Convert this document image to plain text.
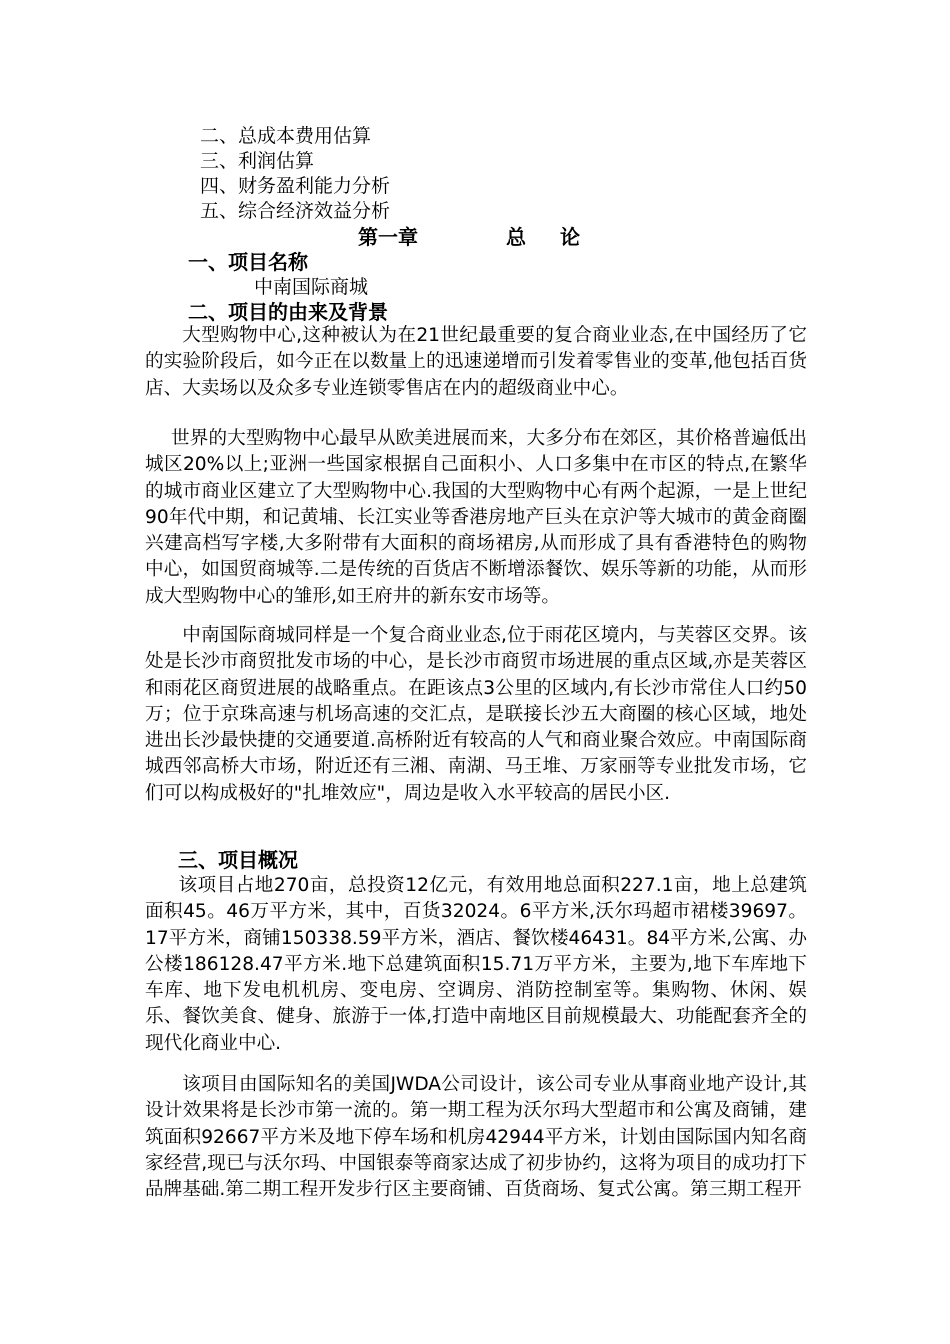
二、总成本费用估算
三、利润估算
四、财务盈利能力分析
五、综合经济效益分析
第一章	总 论
一、项目名称
中南国际商城
二、项目的由来及背景

大型购物中心,这种被认为在21世纪最重要的复合商业业态,在中国经历了它的实验阶段后，如今正在以数量上的迅速递增而引发着零售业的变革,他包括百货店、大卖场以及众多专业连锁零售店在内的超级商业中心。

世界的大型购物中心最早从欧美进展而来，大多分布在郊区，其价格普遍低出城区20%以上;亚洲一些国家根据自己面积小、人口多集中在市区的特点,在繁华的城市商业区建立了大型购物中心.我国的大型购物中心有两个起源，一是上世纪90年代中期，和记黄埔、长江实业等香港房地产巨头在京沪等大城市的黄金商圈兴建高档写字楼,大多附带有大面积的商场裙房,从而形成了具有香港特色的购物中心，如国贸商城等.二是传统的百货店不断增添餐饮、娱乐等新的功能，从而形成大型购物中心的雏形,如王府井的新东安市场等。

中南国际商城同样是一个复合商业业态,位于雨花区境内，与芙蓉区交界。该处是长沙市商贸批发市场的中心，是长沙市商贸市场进展的重点区域,亦是芙蓉区和雨花区商贸进展的战略重点。在距该点3公里的区域内,有长沙市常住人口约50万；位于京珠高速与机场高速的交汇点，是联接长沙五大商圈的核心区域，地处进出长沙最快捷的交通要道.高桥附近有较高的人气和商业聚合效应。中南国际商城西邻高桥大市场，附近还有三湘、南湖、马王堆、万家丽等专业批发市场，它们可以构成极好的"扎堆效应"，周边是收入水平较高的居民小区.

三、项目概况

该项目占地270亩，总投资12亿元，有效用地总面积227.1亩，地上总建筑面积45。46万平方米，其中，百货32024。6平方米,沃尔玛超市裙楼39697。17平方米，商铺150338.59平方米，酒店、餐饮楼46431。84平方米,公寓、办公楼186128.47平方米.地下总建筑面积15.71万平方米，主要为,地下车库地下车库、地下发电机机房、变电房、空调房、消防控制室等。集购物、休闲、娱乐、餐饮美食、健身、旅游于一体,打造中南地区目前规模最大、功能配套齐全的现代化商业中心.

该项目由国际知名的美国JWDA公司设计，该公司专业从事商业地产设计,其设计效果将是长沙市第一流的。第一期工程为沃尔玛大型超市和公寓及商铺，建筑面积92667平方米及地下停车场和机房42944平方米，计划由国际国内知名商家经营,现已与沃尔玛、中国银泰等商家达成了初步协约，这将为项目的成功打下品牌基础.第二期工程开发步行区主要商铺、百货商场、复式公寓。第三期工程开
